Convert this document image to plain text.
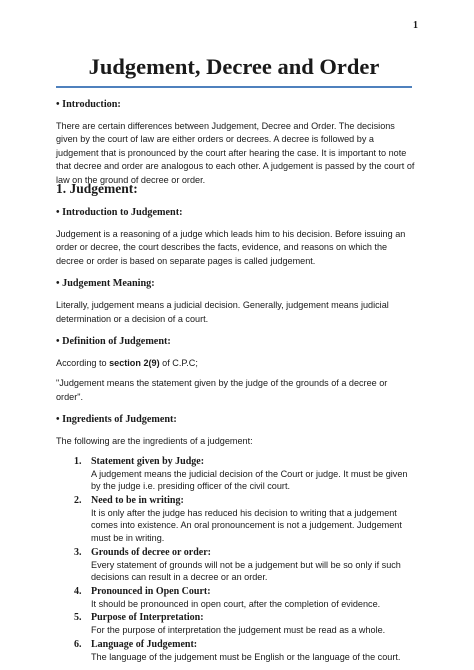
1
Judgement, Decree and Order

• Introduction:

There are certain differences between Judgement, Decree and Order. The decisions given by the court of law are either orders or decrees. A decree is followed by a judgement that is pronounced by the court after hearing the case. It is important to note that decree and order are analogous to each other. A judgement is passed by the court of law on the ground of decree or order.

1. Judgement:

• Introduction to Judgement:

Judgement is a reasoning of a judge which leads him to his decision. Before issuing an order or decree, the court describes the facts, evidence, and reasons on which the decree or order is based on separate pages is called judgement.

• Judgement Meaning:

Literally, judgement means a judicial decision. Generally, judgement means judicial determination or a decision of a court.

• Definition of Judgement:

According to section 2(9) of C.P.C;

"Judgement means the statement given by the judge of the grounds of a decree or order".

• Ingredients of Judgement:

The following are the ingredients of a judgement:

1. Statement given by Judge:
A judgement means the judicial decision of the Court or judge. It must be given by the judge i.e. presiding officer of the civil court.
2. Need to be in writing:
It is only after the judge has reduced his decision to writing that a judgement comes into existence. An oral pronouncement is not a judgement. Judgement must be in writing.
3. Grounds of decree or order:
Every statement of grounds will not be a judgement but will be so only if such decisions can result in a decree or an order.
4. Pronounced in Open Court:
It should be pronounced in open court, after the completion of evidence.
5. Purpose of Interpretation:
For the purpose of interpretation the judgement must be read as a whole.
6. Language of Judgement:
The language of the judgement must be English or the language of the court.
